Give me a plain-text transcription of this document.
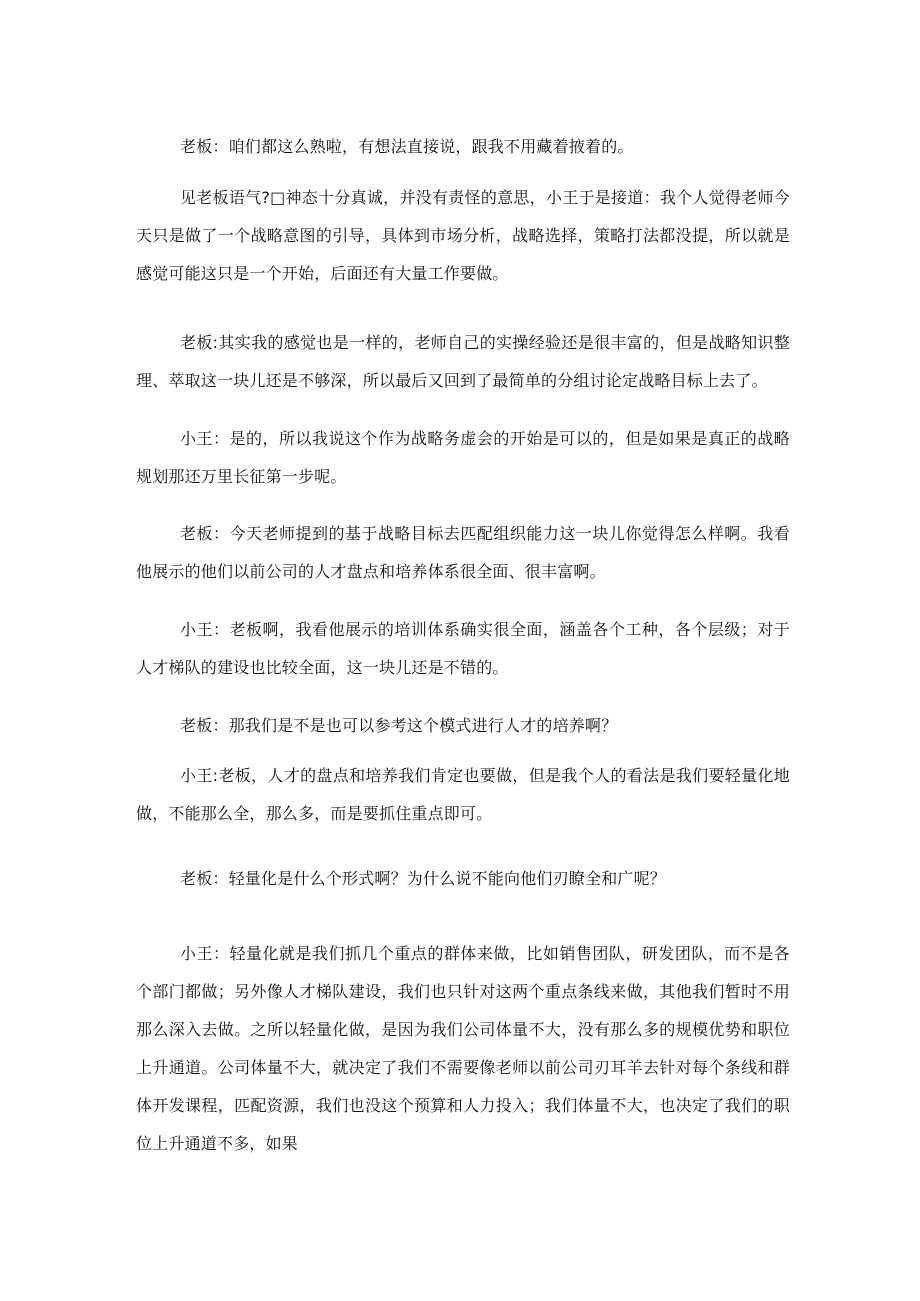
老板：咱们都这么熟啦，有想法直接说，跟我不用藏着掖着的。

见老板语气?□神态十分真诚，并没有责怪的意思，小王于是接道：我个人觉得老师今天只是做了一个战略意图的引导，具体到市场分析，战略选择，策略打法都没提，所以就是感觉可能这只是一个开始，后面还有大量工作要做。

老板:其实我的感觉也是一样的，老师自己的实操经验还是很丰富的，但是战略知识整理、萃取这一块儿还是不够深，所以最后又回到了最简单的分组讨论定战略目标上去了。

小王：是的，所以我说这个作为战略务虚会的开始是可以的，但是如果是真正的战略规划那还万里长征第一步呢。

老板：今天老师提到的基于战略目标去匹配组织能力这一块儿你觉得怎么样啊。我看他展示的他们以前公司的人才盘点和培养体系很全面、很丰富啊。

小王：老板啊，我看他展示的培训体系确实很全面，涵盖各个工种，各个层级；对于人才梯队的建设也比较全面，这一块儿还是不错的。

老板：那我们是不是也可以参考这个模式进行人才的培养啊？

小王:老板，人才的盘点和培养我们肯定也要做，但是我个人的看法是我们要轻量化地做，不能那么全，那么多，而是要抓住重点即可。

老板：轻量化是什么个形式啊？为什么说不能向他们刃瞭全和广呢？

小王：轻量化就是我们抓几个重点的群体来做，比如销售团队，研发团队，而不是各个部门都做；另外像人才梯队建设，我们也只针对这两个重点条线来做，其他我们暂时不用那么深入去做。之所以轻量化做，是因为我们公司体量不大，没有那么多的规模优势和职位上升通道。公司体量不大，就决定了我们不需要像老师以前公司刃耳羊去针对每个条线和群体开发课程，匹配资源，我们也没这个预算和人力投入；我们体量不大，也决定了我们的职位上升通道不多，如果
